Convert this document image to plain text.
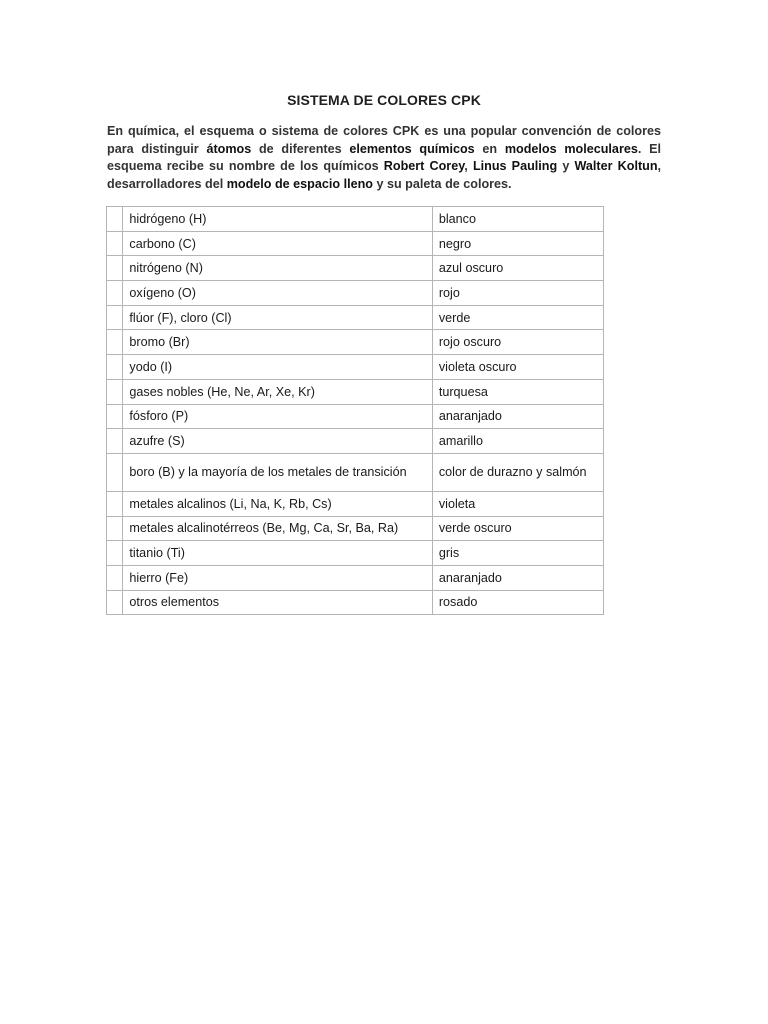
SISTEMA DE COLORES CPK
En química, el esquema o sistema de colores CPK es una popular convención de colores para distinguir átomos de diferentes elementos químicos en modelos moleculares. El esquema recibe su nombre de los químicos Robert Corey, Linus Pauling y Walter Koltun, desarrolladores del modelo de espacio lleno y su paleta de colores.
	hidrógeno (H)	blanco
	carbono (C)	negro
	nitrógeno (N)	azul oscuro
	oxígeno (O)	rojo
	flúor (F), cloro (Cl)	verde
	bromo (Br)	rojo oscuro
	yodo (I)	violeta oscuro
	gases nobles (He, Ne, Ar, Xe, Kr)	turquesa
	fósforo (P)	anaranjado
	azufre (S)	amarillo
	boro (B) y la mayoría de los metales de transición	color de durazno y salmón
	metales alcalinos (Li, Na, K, Rb, Cs)	violeta
	metales alcalinotérreos (Be, Mg, Ca, Sr, Ba, Ra)	verde oscuro
	titanio (Ti)	gris
	hierro (Fe)	anaranjado
	otros elementos	rosado
